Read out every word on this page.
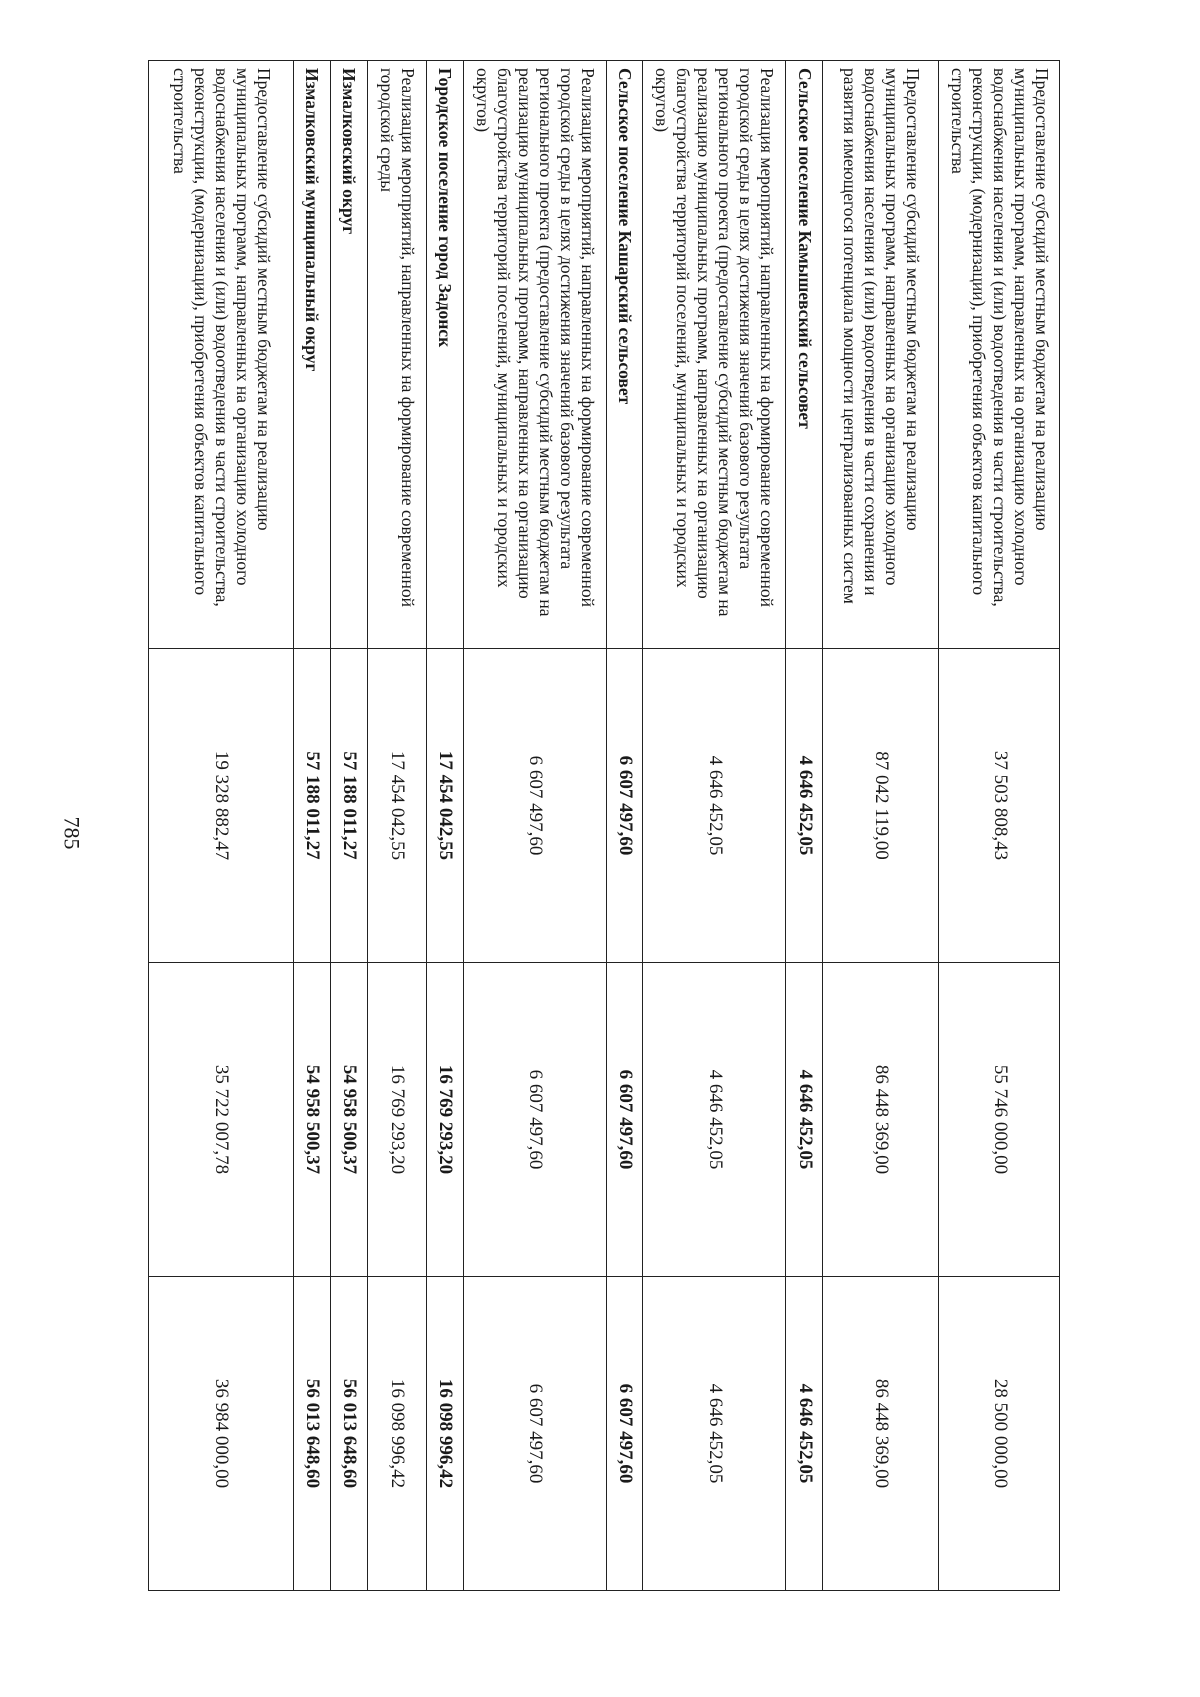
785
Предоставление субсидий местным бюджетам на реализацию муниципальных программ, направленных на организацию холодного водоснабжения населения и (или) водоотведения в части строительства, реконструкции, (модернизации), приобретения объектов капитального строительства	37 503 808,43	55 746 000,00	28 500 000,00
Предоставление субсидий местным бюджетам на реализацию муниципальных программ, направленных на организацию холодного водоснабжения населения и (или) водоотведения в части сохранения и развития имеющегося потенциала мощности централизованных систем	87 042 119,00	86 448 369,00	86 448 369,00
Сельское поселение Камышевский сельсовет	4 646 452,05	4 646 452,05	4 646 452,05
Реализация мероприятий, направленных на формирование современной городской среды в целях достижения значений базового результата регионального проекта (предоставление субсидий местным бюджетам на реализацию муниципальных программ, направленных на организацию благоустройства территорий поселений, муниципальных и городских округов)	4 646 452,05	4 646 452,05	4 646 452,05
Сельское поселение Кашарский сельсовет	6 607 497,60	6 607 497,60	6 607 497,60
Реализация мероприятий, направленных на формирование современной городской среды в целях достижения значений базового результата регионального проекта (предоставление субсидий местным бюджетам на реализацию муниципальных программ, направленных на организацию благоустройства территорий поселений, муниципальных и городских округов)	6 607 497,60	6 607 497,60	6 607 497,60
Городское поселение город Задонск	17 454 042,55	16 769 293,20	16 098 996,42
Реализация мероприятий, направленных на формирование современной городской среды	17 454 042,55	16 769 293,20	16 098 996,42
Измалковский округ	57 188 011,27	54 958 500,37	56 013 648,60
Измалковский муниципальный округ	57 188 011,27	54 958 500,37	56 013 648,60
Предоставление субсидий местным бюджетам на реализацию муниципальных программ, направленных на организацию холодного водоснабжения населения и (или) водоотведения в части строительства, реконструкции, (модернизации), приобретения объектов капитального строительства	19 328 882,47	35 722 007,78	36 984 000,00
